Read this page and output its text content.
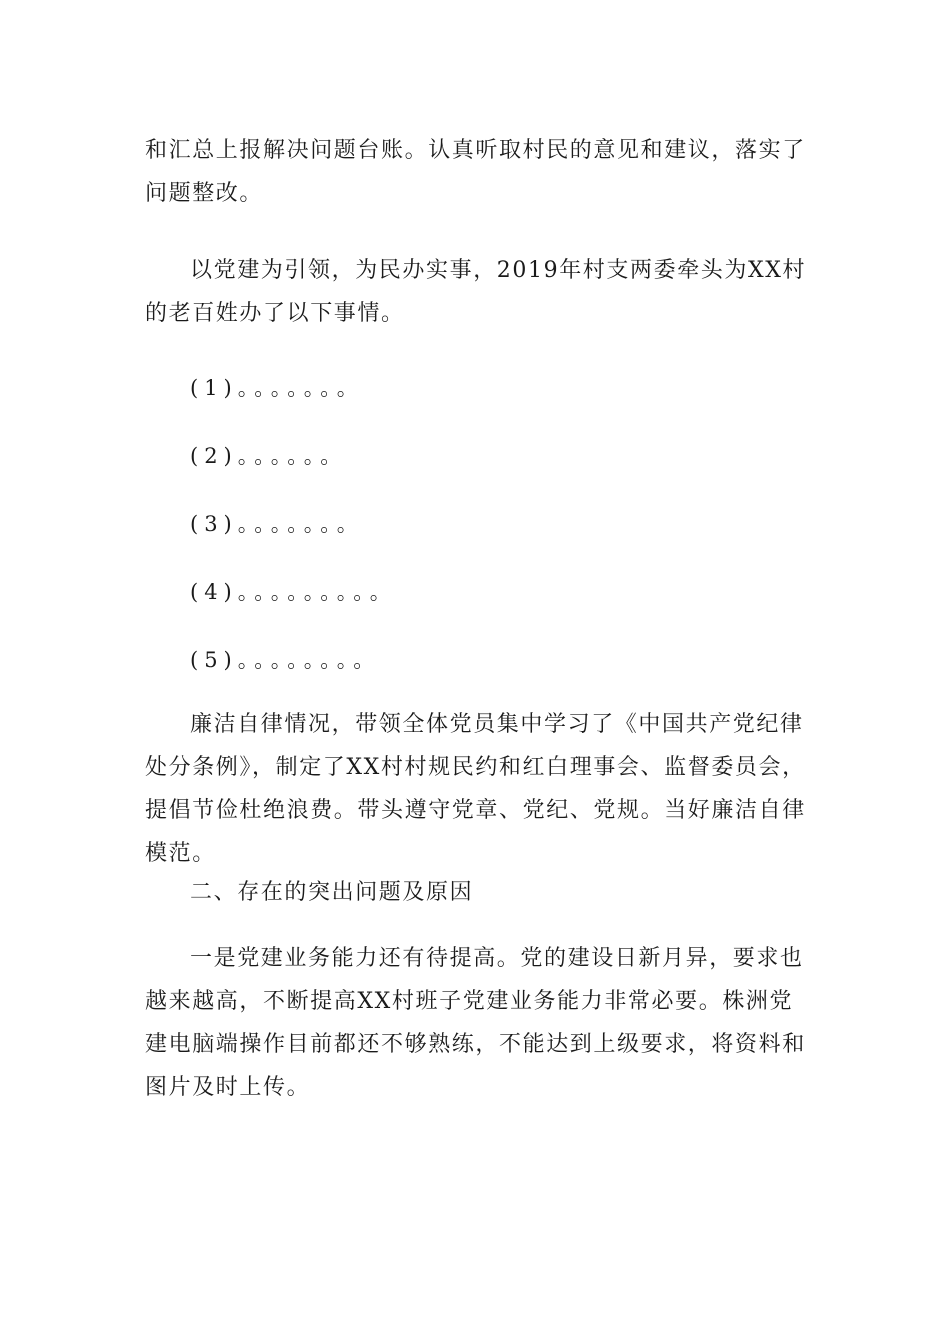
和汇总上报解决问题台账。认真听取村民的意见和建议，落实了问题整改。

以党建为引领，为民办实事，2019年村支两委牵头为XX村的老百姓办了以下事情。

(1)。。。。。。。

(2)。。。。。。

(3)。。。。。。。

(4)。。。。。。。。。

(5)。。。。。。。。

廉洁自律情况，带领全体党员集中学习了《中国共产党纪律处分条例》，制定了XX村村规民约和红白理事会、监督委员会，提倡节俭杜绝浪费。带头遵守党章、党纪、党规。当好廉洁自律模范。

二、存在的突出问题及原因

一是党建业务能力还有待提高。党的建设日新月异，要求也越来越高，不断提高XX村班子党建业务能力非常必要。株洲党建电脑端操作目前都还不够熟练，不能达到上级要求，将资料和图片及时上传。
